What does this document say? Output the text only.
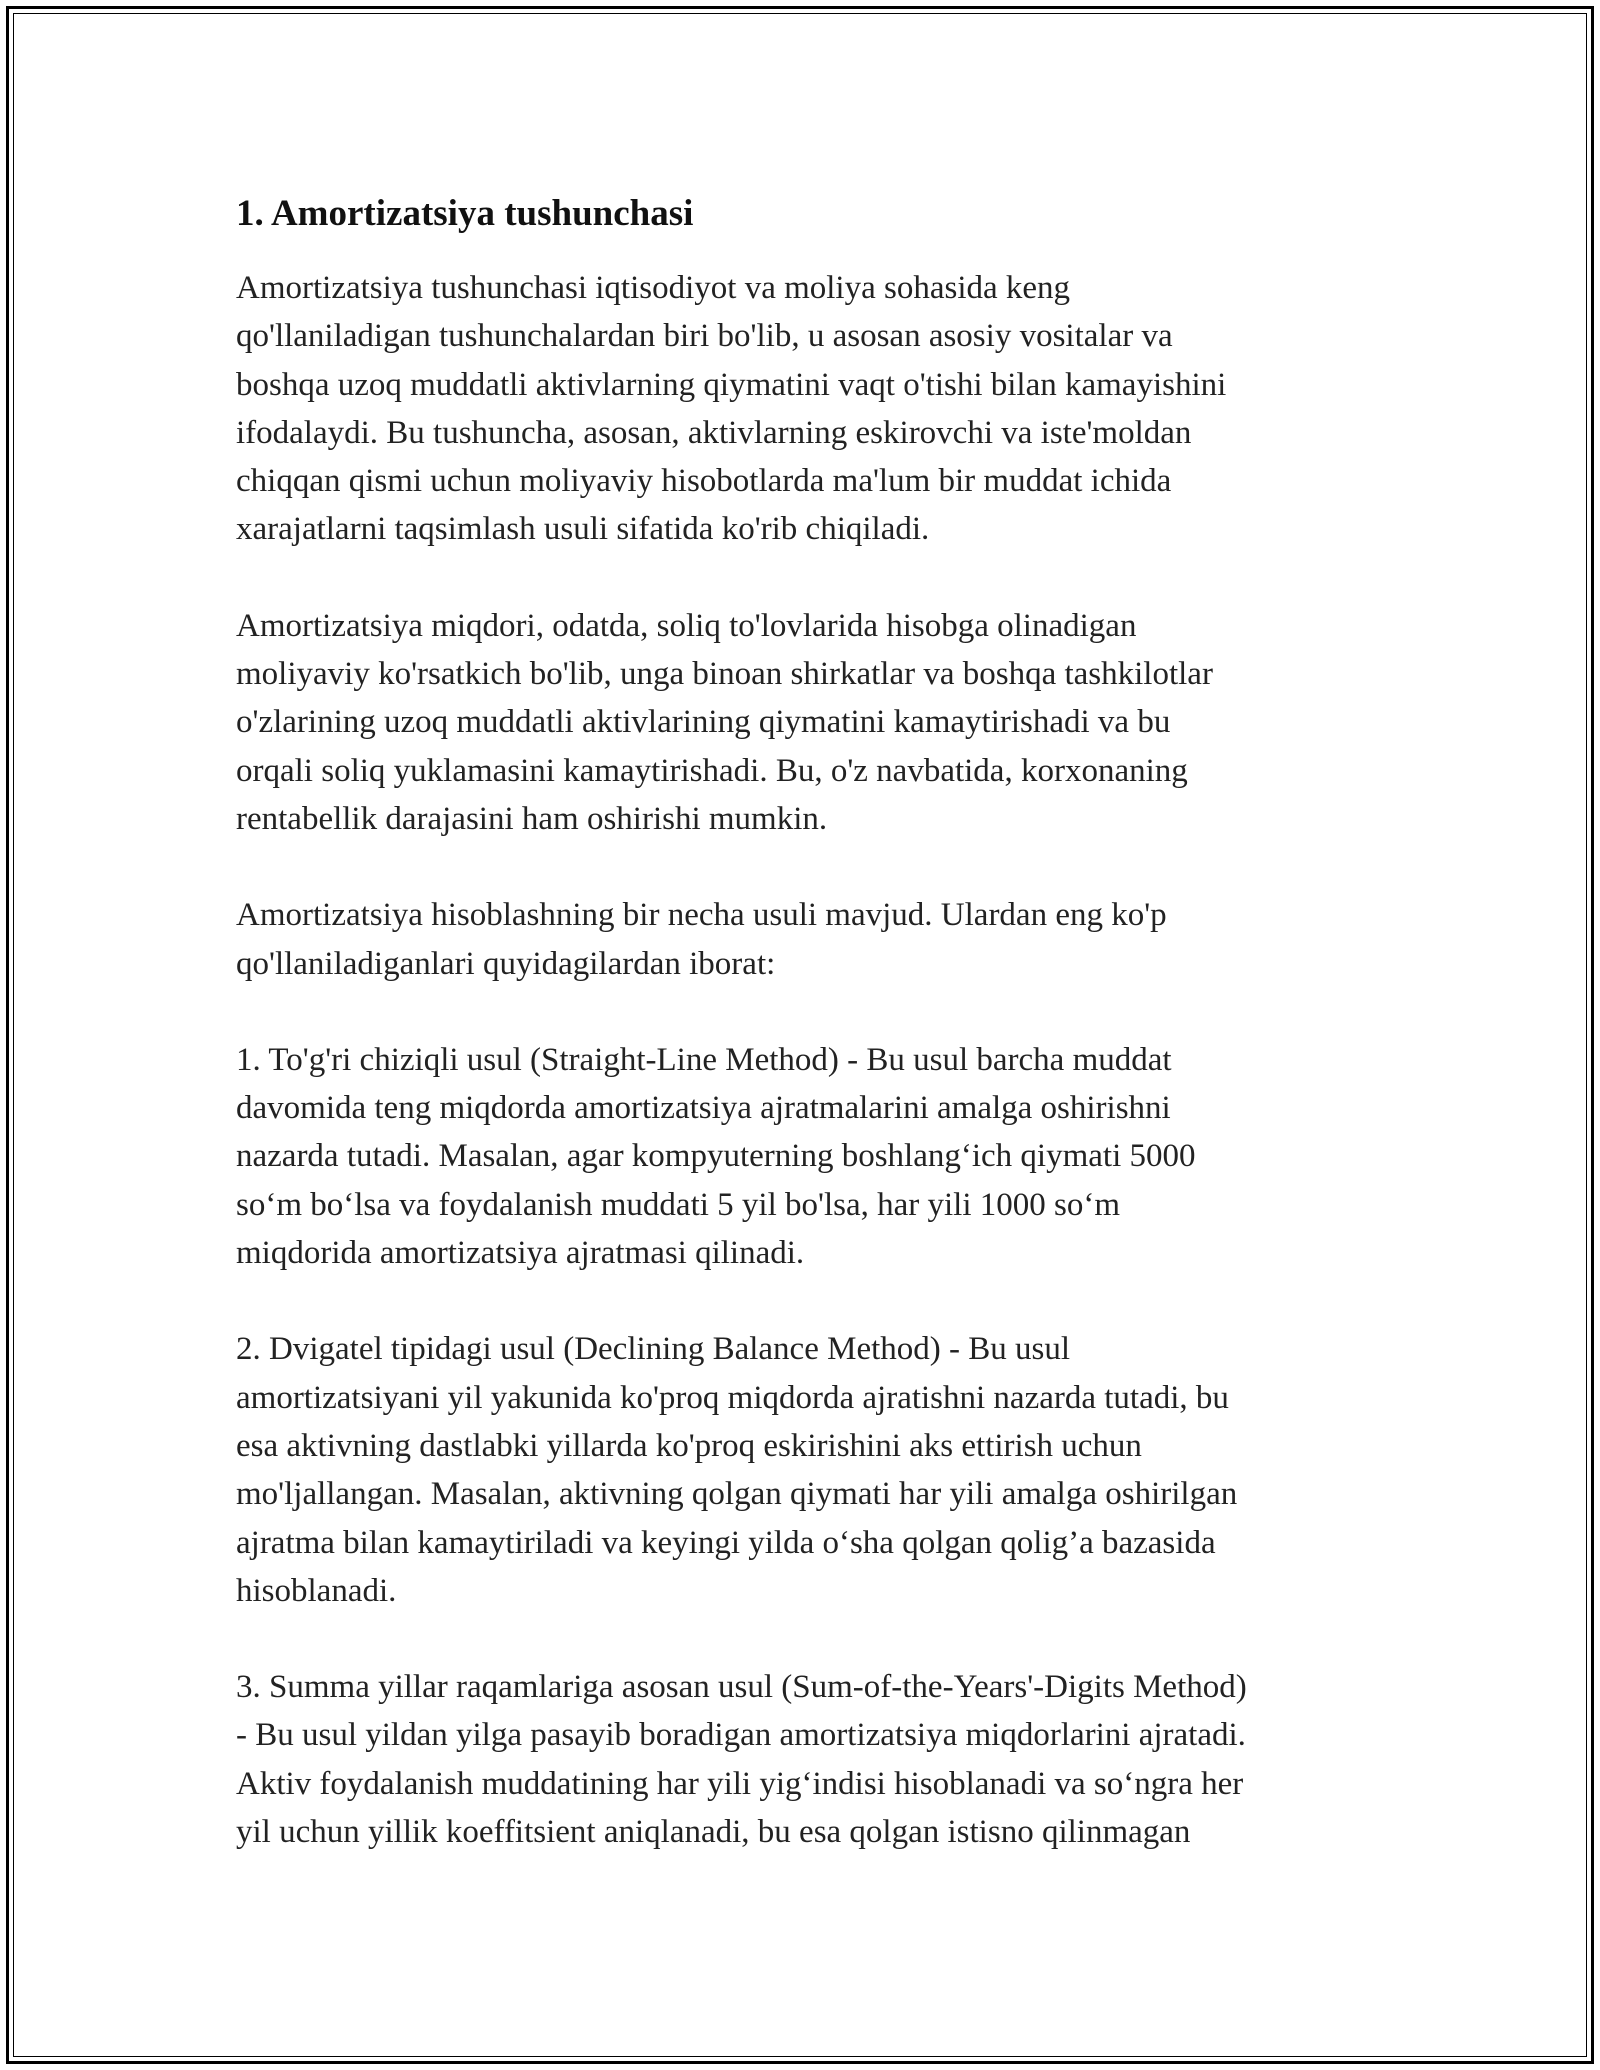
1. Amortizatsiya tushunchasi

Amortizatsiya tushunchasi iqtisodiyot va moliya sohasida keng
qo'llaniladigan tushunchalardan biri bo'lib, u asosan asosiy vositalar va
boshqa uzoq muddatli aktivlarning qiymatini vaqt o'tishi bilan kamayishini
ifodalaydi. Bu tushuncha, asosan, aktivlarning eskirovchi va iste'moldan
chiqqan qismi uchun moliyaviy hisobotlarda ma'lum bir muddat ichida
xarajatlarni taqsimlash usuli sifatida ko'rib chiqiladi.

Amortizatsiya miqdori, odatda, soliq to'lovlarida hisobga olinadigan
moliyaviy ko'rsatkich bo'lib, unga binoan shirkatlar va boshqa tashkilotlar
o'zlarining uzoq muddatli aktivlarining qiymatini kamaytirishadi va bu
orqali soliq yuklamasini kamaytirishadi. Bu, o'z navbatida, korxonaning
rentabellik darajasini ham oshirishi mumkin.

Amortizatsiya hisoblashning bir necha usuli mavjud. Ulardan eng ko'p
qo'llaniladiganlari quyidagilardan iborat:

1. To'g'ri chiziqli usul (Straight-Line Method) - Bu usul barcha muddat
davomida teng miqdorda amortizatsiya ajratmalarini amalga oshirishni
nazarda tutadi. Masalan, agar kompyuterning boshlang‘ich qiymati 5000
so‘m bo‘lsa va foydalanish muddati 5 yil bo'lsa, har yili 1000 so‘m
miqdorida amortizatsiya ajratmasi qilinadi.

2. Dvigatel tipidagi usul (Declining Balance Method) - Bu usul
amortizatsiyani yil yakunida ko'proq miqdorda ajratishni nazarda tutadi, bu
esa aktivning dastlabki yillarda ko'proq eskirishini aks ettirish uchun
mo'ljallangan. Masalan, aktivning qolgan qiymati har yili amalga oshirilgan
ajratma bilan kamaytiriladi va keyingi yilda o‘sha qolgan qolig’a bazasida
hisoblanadi.

3. Summa yillar raqamlariga asosan usul (Sum-of-the-Years'-Digits Method)
- Bu usul yildan yilga pasayib boradigan amortizatsiya miqdorlarini ajratadi.
Aktiv foydalanish muddatining har yili yig‘indisi hisoblanadi va so‘ngra her
yil uchun yillik koeffitsient aniqlanadi, bu esa qolgan istisno qilinmagan
